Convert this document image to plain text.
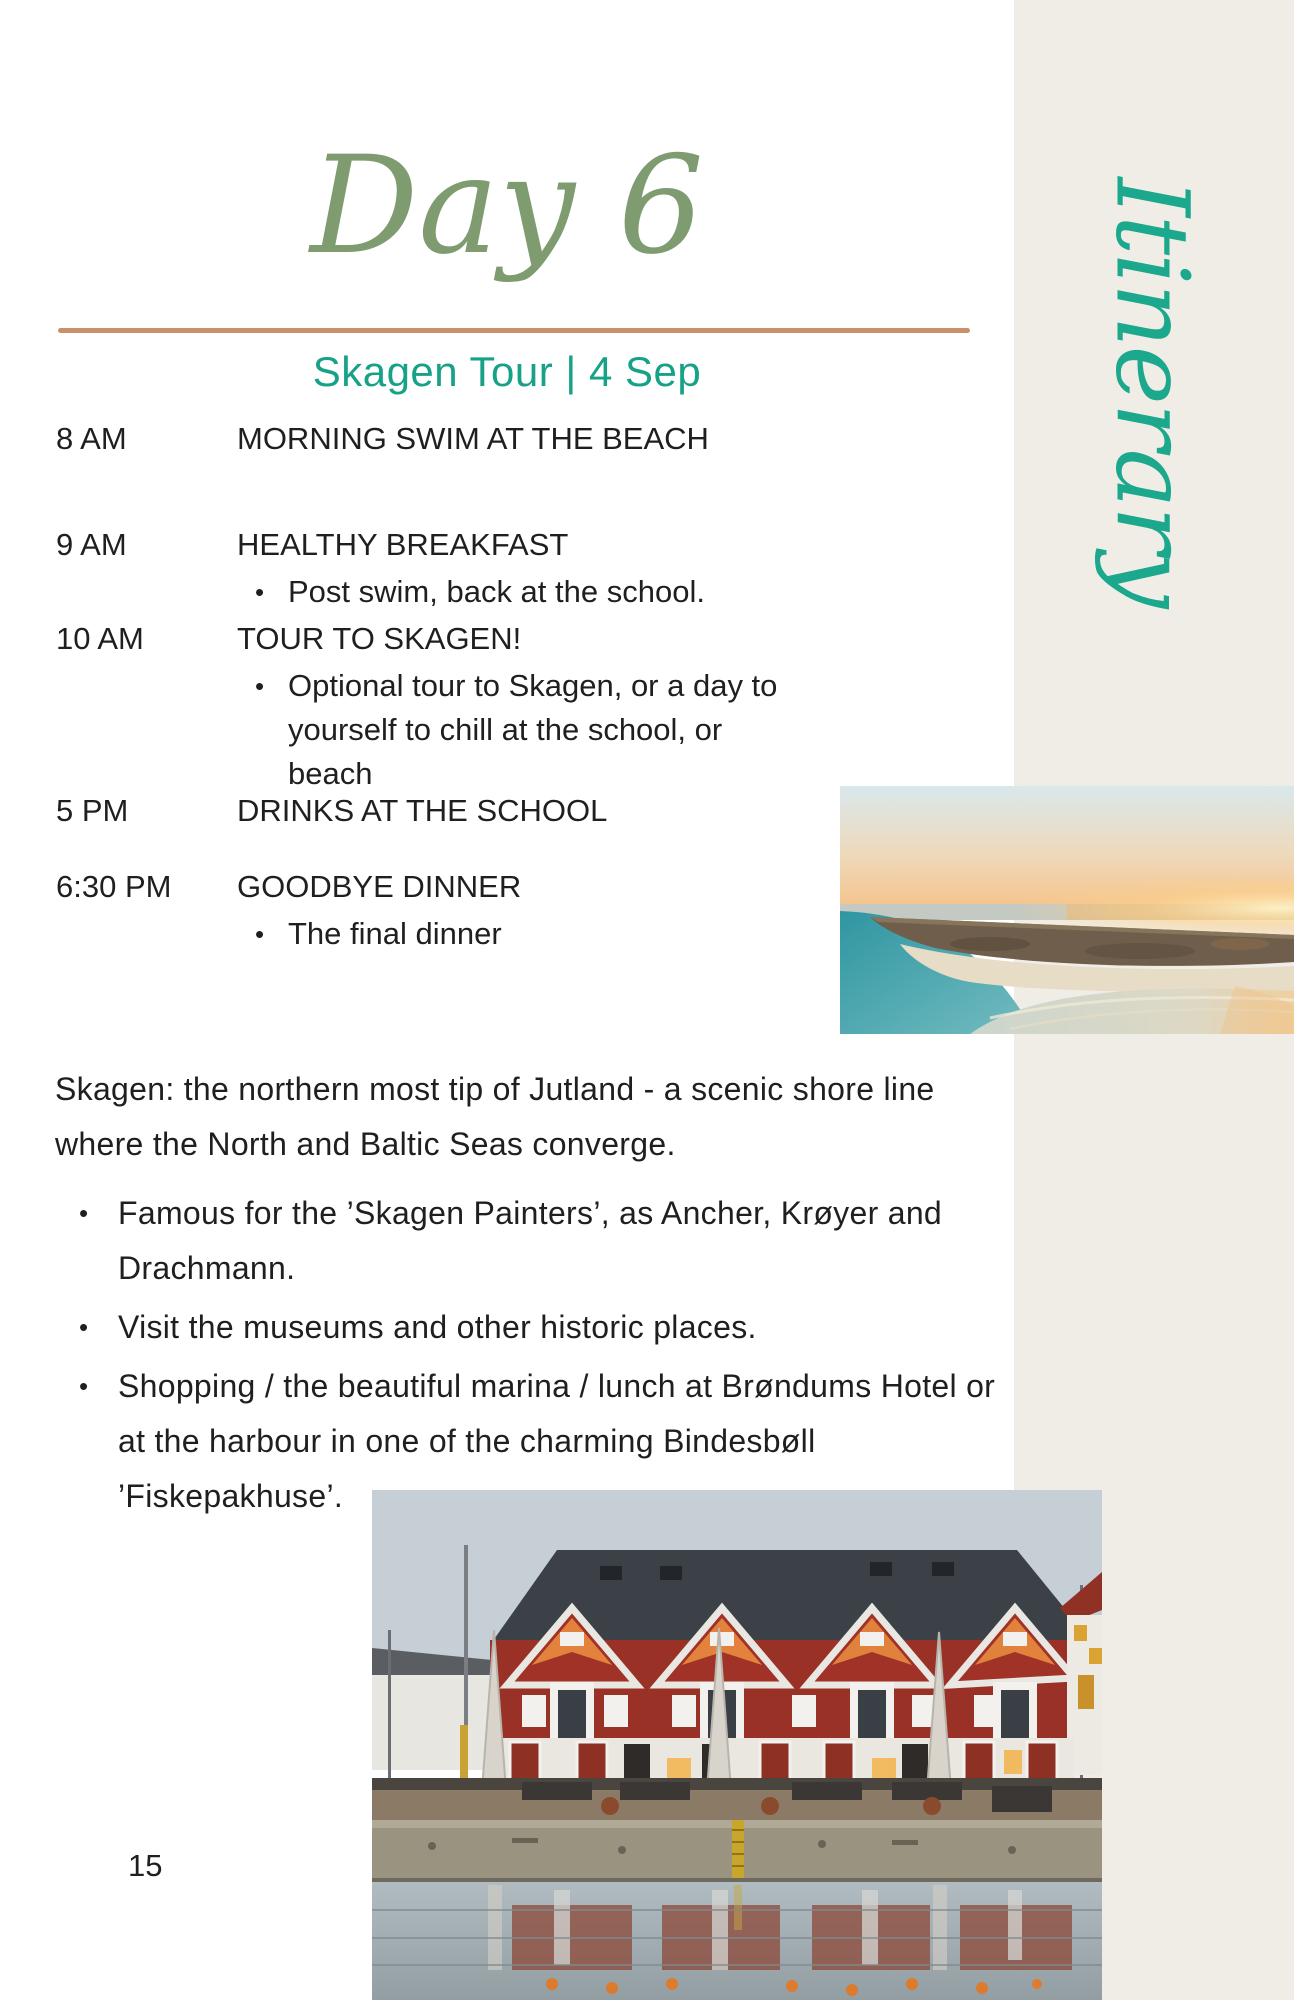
Itinerary
Day 6
Skagen Tour | 4 Sep
8 AM	MORNING SWIM AT THE BEACH
9 AM	HEALTHY BREAKFAST
• Post swim, back at the school.
10 AM	TOUR TO SKAGEN!
• Optional tour to Skagen, or a day to yourself to chill at the school, or beach
5 PM	DRINKS AT THE SCHOOL
6:30 PM	GOODBYE DINNER
• The final dinner
Skagen: the northern most tip of Jutland - a scenic shore line where the North and Baltic Seas converge.
• Famous for the ’Skagen Painters’, as Ancher, Krøyer and Drachmann.
• Visit the museums and other historic places.
• Shopping / the beautiful marina / lunch at Brøndums Hotel or at the harbour in one of the charming Bindesbøll ’Fiskepakhuse’.
15
